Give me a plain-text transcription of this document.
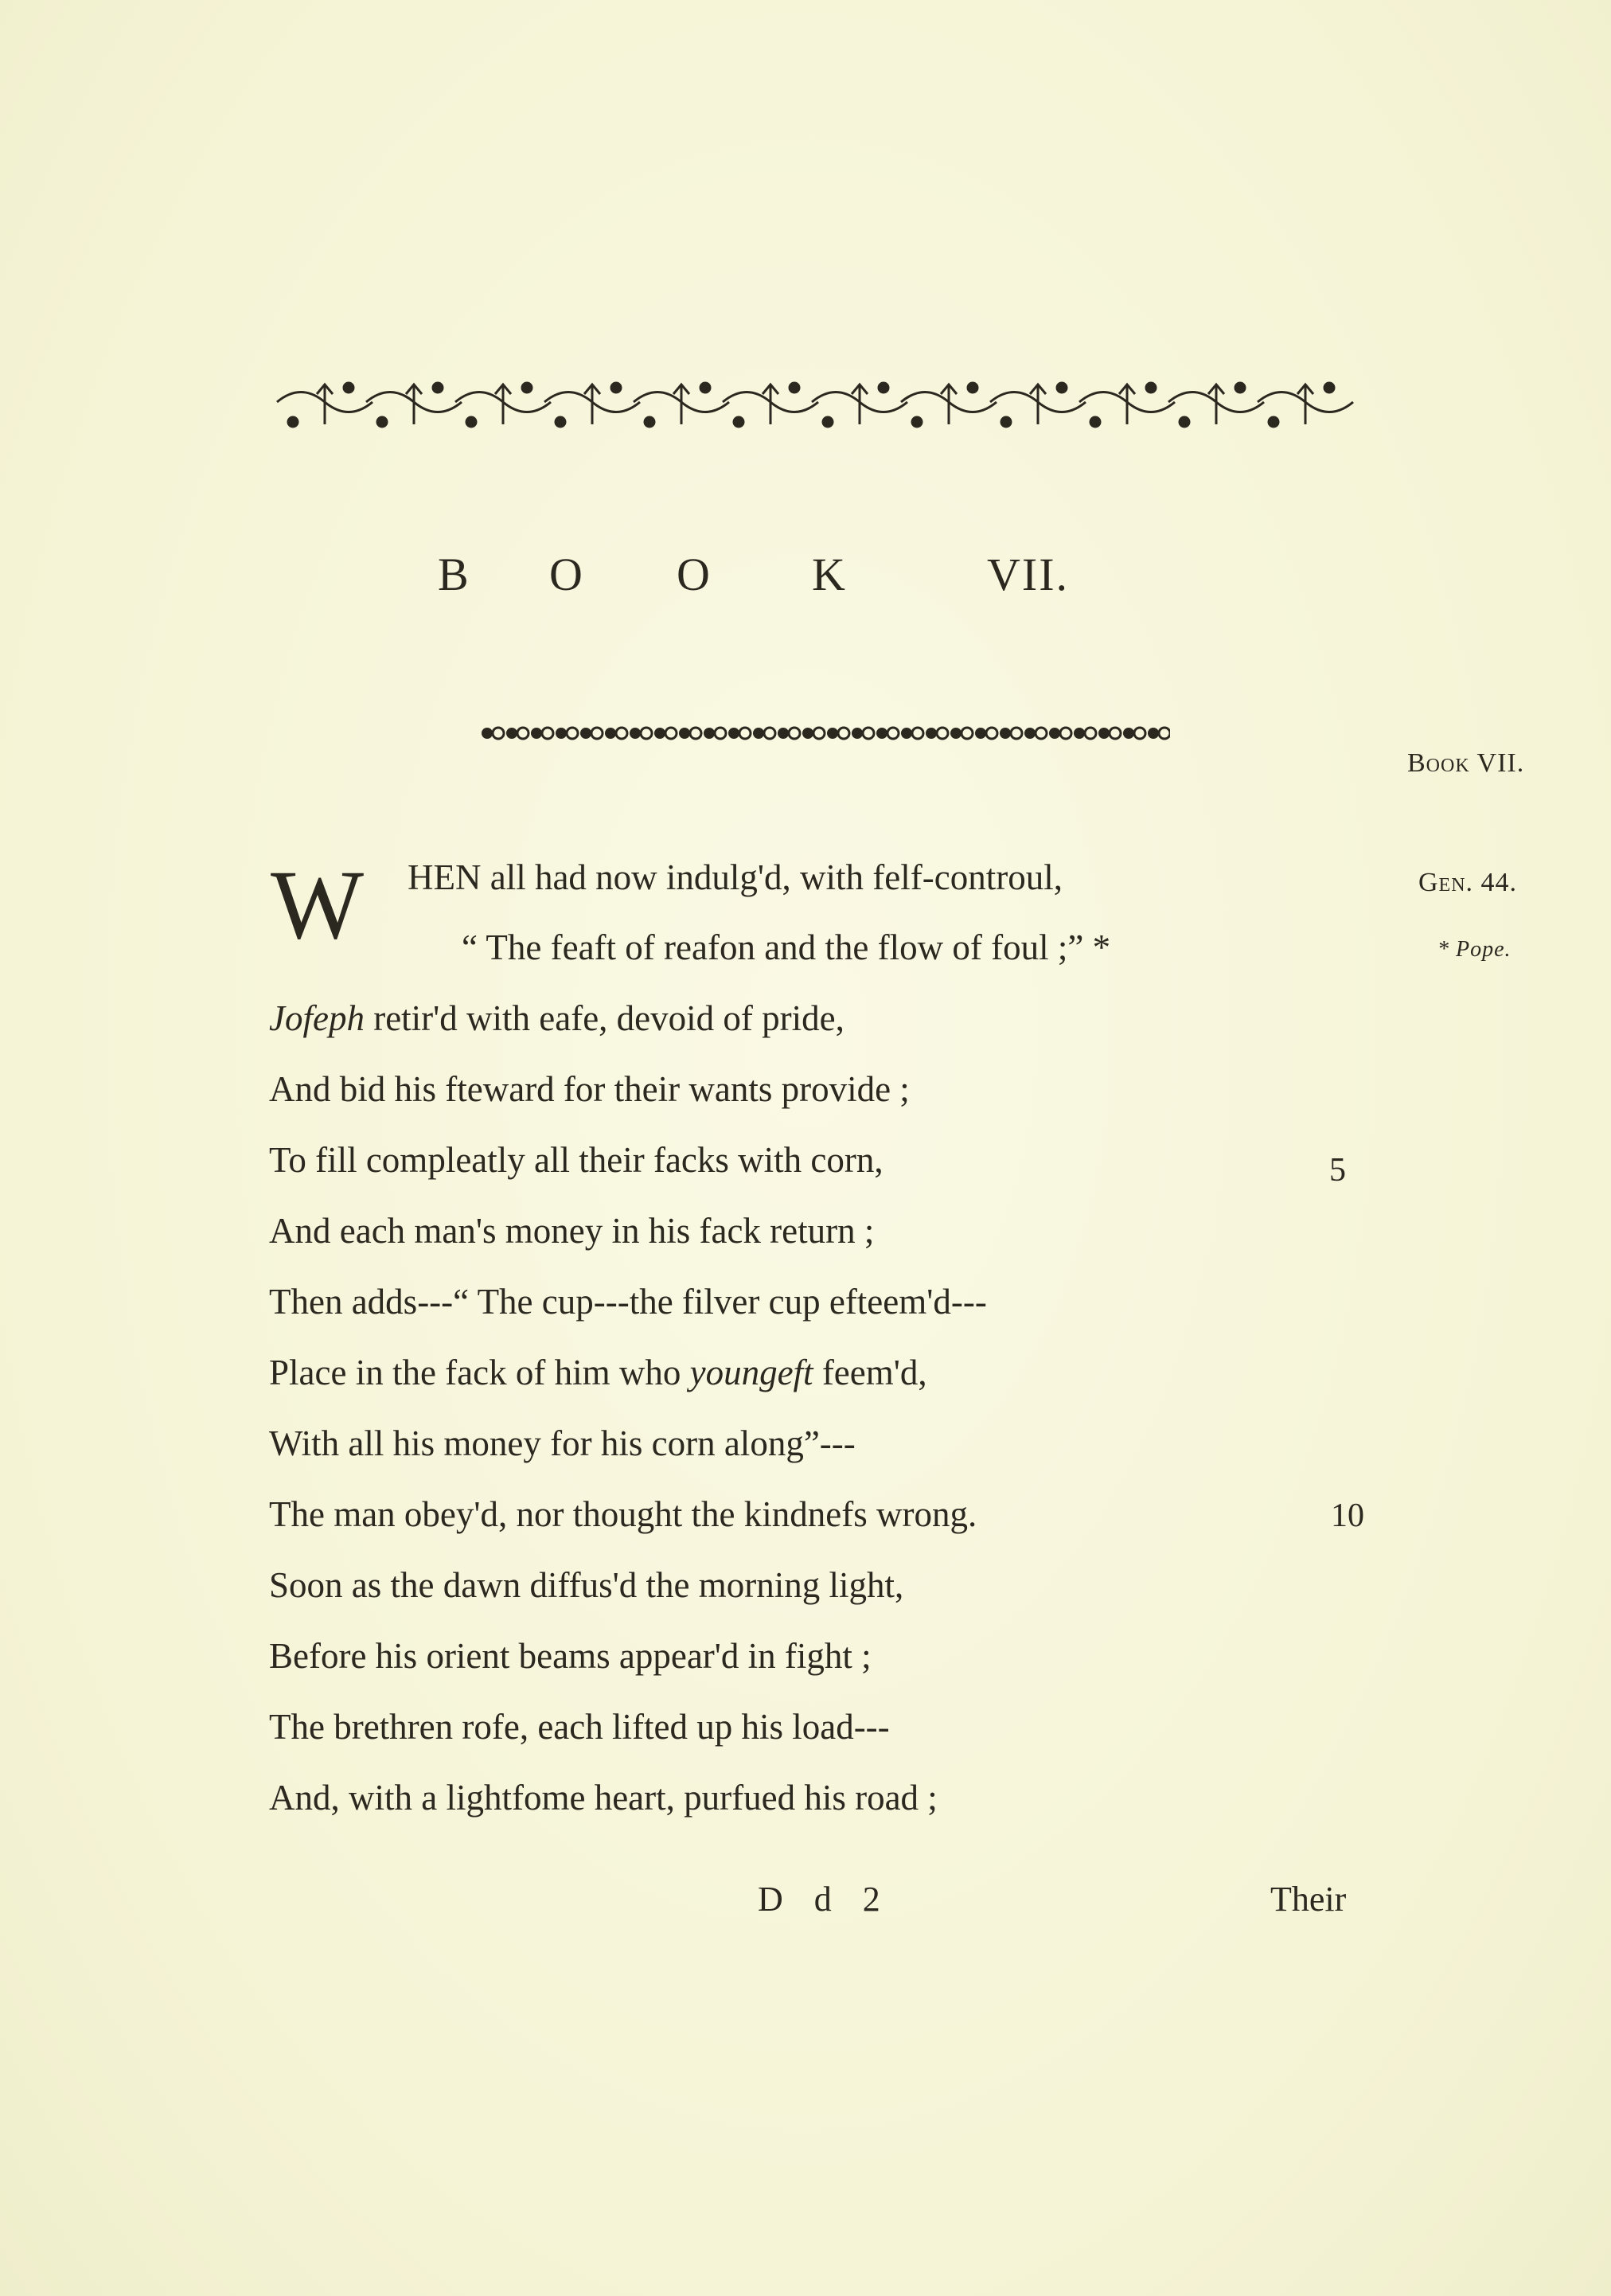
B	O	O	K	VII.
Book VII.
Gen. 44.
* Pope.
W HEN all had now indulg'd, with felf-controul,
“ The feaft of reafon and the flow of foul ;” *
Jofeph retir'd with eafe, devoid of pride,
And bid his fteward for their wants provide ;
To fill compleatly all their facks with corn,
And each man's money in his fack return ;
Then adds---“ The cup---the filver cup efteem'd---
Place in the fack of him who youngeft feem'd,
With all his money for his corn along”---
The man obey'd, nor thought the kindnefs wrong.
Soon as the dawn diffus'd the morning light,
Before his orient beams appear'd in fight ;
The brethren rofe, each lifted up his load---
And, with a lightfome heart, purfued his road ;
5
10
D d 2	Their
